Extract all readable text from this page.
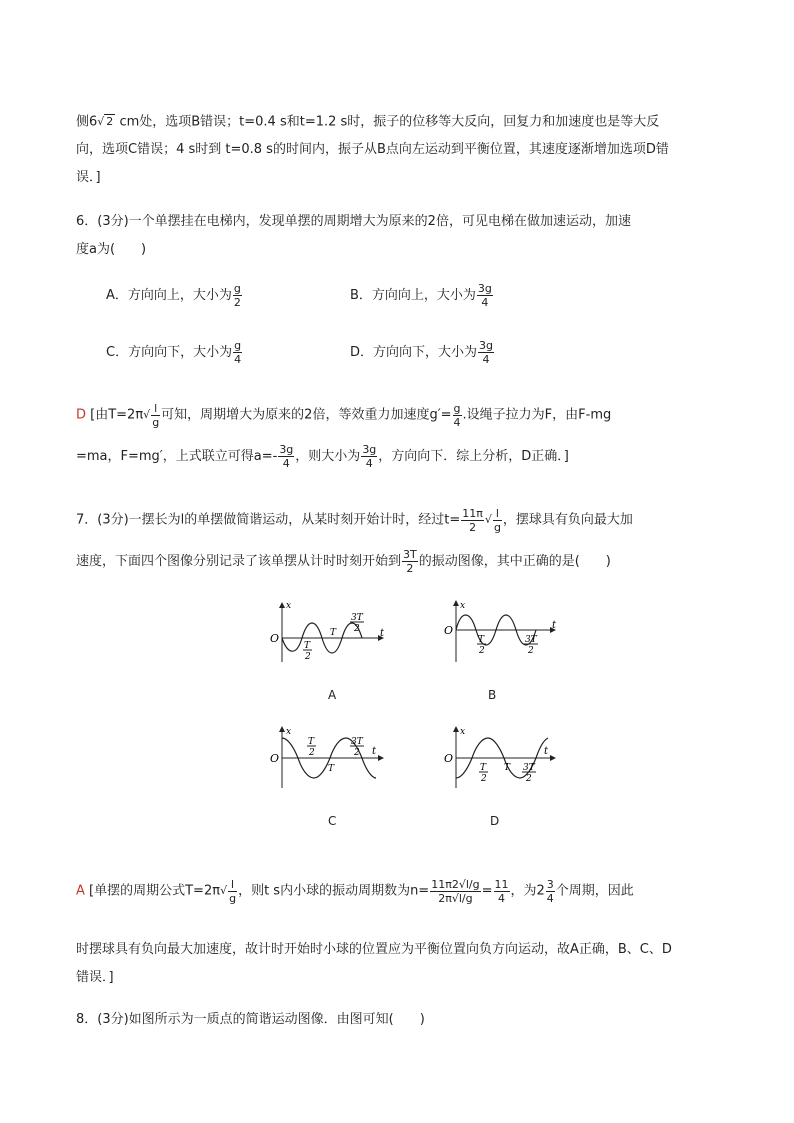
侧6√ 2 cm处，选项B错误；t=0.4 s和t=1.2 s时，振子的位移等大反向，回复力和加速度也是等大反
向，选项C错误；4 s时到 t=0.8 s的时间内，振子从B点向左运动到平衡位置，其速度逐渐增加选项D错
误．]

6．(3分)一个单摆挂在电梯内，发现单摆的周期增大为原来的2倍，可见电梯在做加速运动，加速
度a为(　　)

A．方向向上，大小为 $\frac{g}{2}$	B．方向向上，大小为 $\frac{3g}{4}$
C．方向向下，大小为 $\frac{g}{4}$	D．方向向下，大小为 $\frac{3g}{4}$

D [由$T=2\pi√ \frac{l}{g}$ 可知，周期增大为原来的2倍，等效重力加速度$g'= \frac{g}{4}$ .设绳子拉力为F，由F-mg
=ma，F=mg′，上式联立可得$a=- \frac{3g}{4}$ ，则大小为 $\frac{3g}{4}$ ，方向向下．综上分析，D正确．]

7．(3分)一摆长为l的单摆做简谐运动，从某时刻开始计时，经过$t= \frac{11\pi}{2}$ √ $\frac{l}{g}$ ，摆球具有负向最大加
速度，下面四个图像分别记录了该单摆从计时时刻开始到 $\frac{3T}{2}$ 的振动图像，其中正确的是(　　)

x
t
O
T
2
T
3T
2
A
x
t
O
T
2
3T
2
B
x
t
O
T
2
T
3T
2
C
x
t
O
T
2
T 3T
2
D

A [单摆的周期公式$T=2\pi√ \frac{l}{g}$ ，则t s内小球的振动周期数为$n= \frac{11\pi 2√l/g}{2\pi√l/g} = \frac{11}{4}$ ，为$2 \frac{3}{4}$ 个周期，因此
时摆球具有负向最大加速度，故计时开始时小球的位置应为平衡位置向负方向运动，故A正确，B、C、D
错误．]

8．(3分)如图所示为一质点的简谐运动图像．由图可知(　　)
